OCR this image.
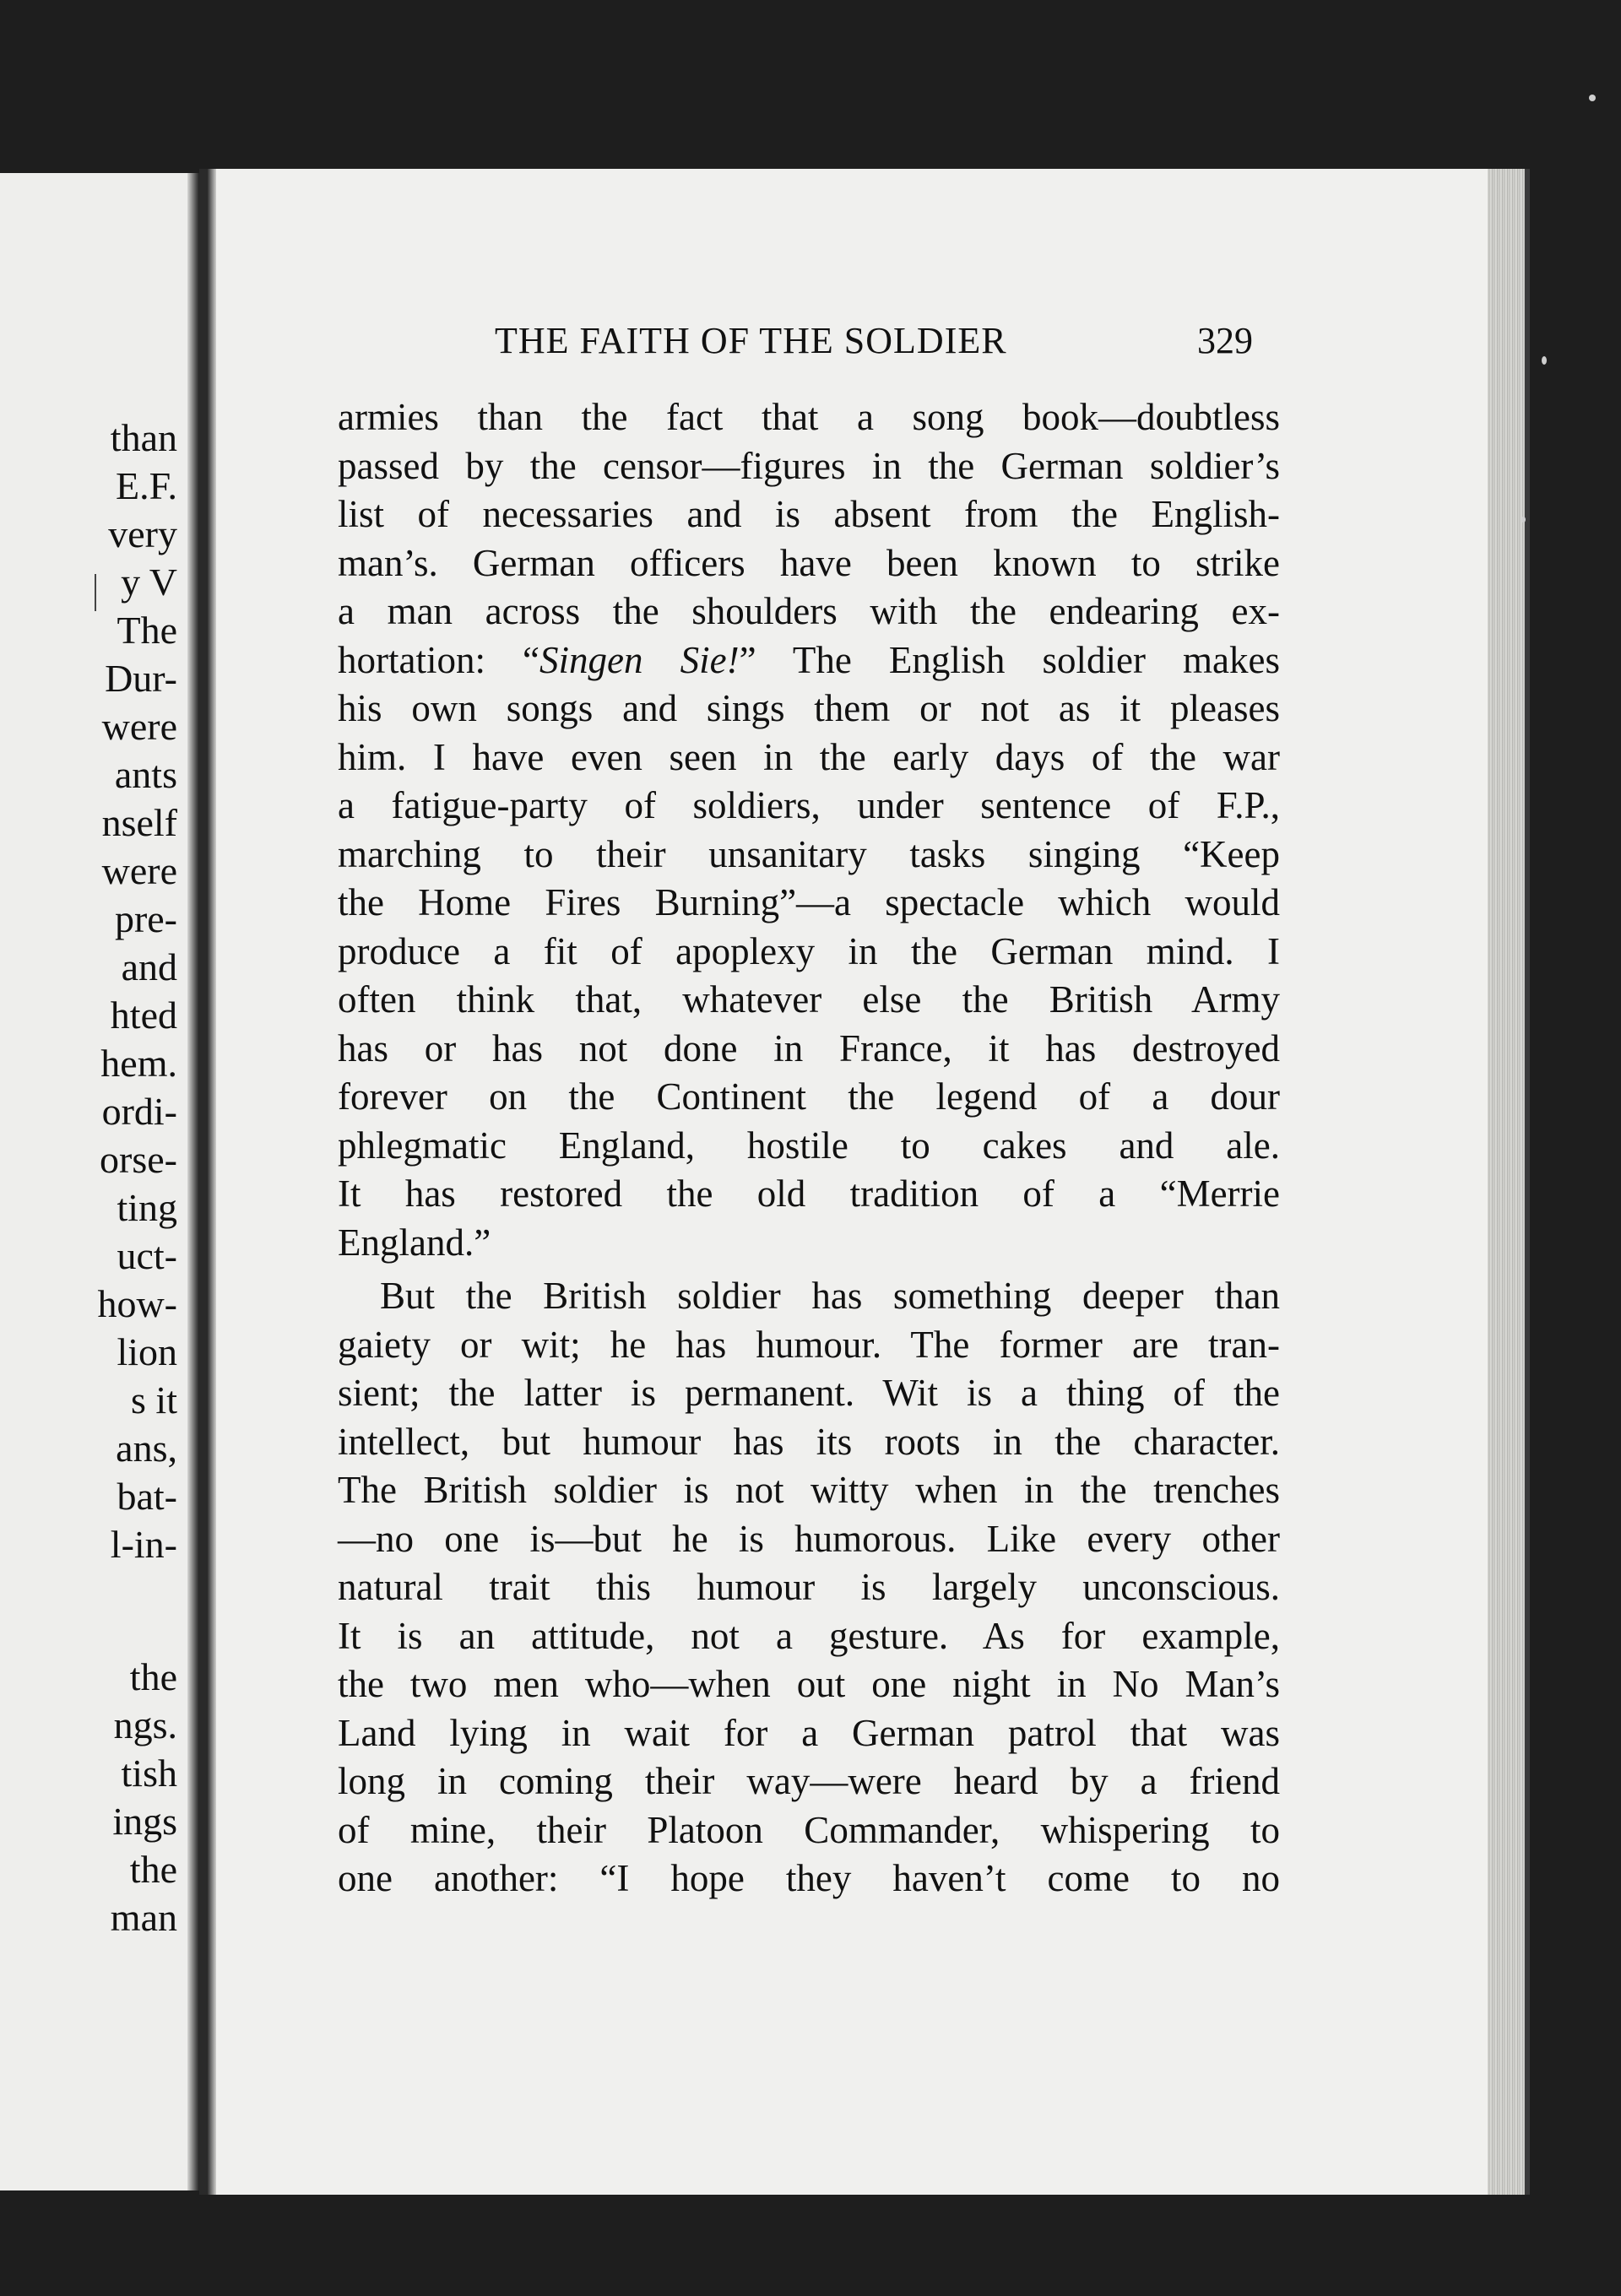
than
E.F.
very
y V
The
Dur-
were
ants
nself
were
pre-
and
hted
hem.
ordi-
orse-
ting
uct-
how-
lion
s it
ans,
bat-
l-in-
the
ngs.
tish
ings
the
man
THE FAITH OF THE SOLDIER	329
armies than the fact that a song book—doubtless
passed by the censor—figures in the German soldier’s
list of necessaries and is absent from the English-
man’s. German officers have been known to strike
a man across the shoulders with the endearing ex-
hortation: “Singen Sie!” The English soldier makes
his own songs and sings them or not as it pleases
him. I have even seen in the early days of the war
a fatigue-party of soldiers, under sentence of F.P.,
marching to their unsanitary tasks singing “Keep
the Home Fires Burning”—a spectacle which would
produce a fit of apoplexy in the German mind. I
often think that, whatever else the British Army
has or has not done in France, it has destroyed
forever on the Continent the legend of a dour
phlegmatic England, hostile to cakes and ale.
It has restored the old tradition of a “Merrie
England.”
But the British soldier has something deeper than
gaiety or wit; he has humour. The former are tran-
sient; the latter is permanent. Wit is a thing of the
intellect, but humour has its roots in the character.
The British soldier is not witty when in the trenches
—no one is—but he is humorous. Like every other
natural trait this humour is largely unconscious.
It is an attitude, not a gesture. As for example,
the two men who—when out one night in No Man’s
Land lying in wait for a German patrol that was
long in coming their way—were heard by a friend
of mine, their Platoon Commander, whispering to
one another: “I hope they haven’t come to no
